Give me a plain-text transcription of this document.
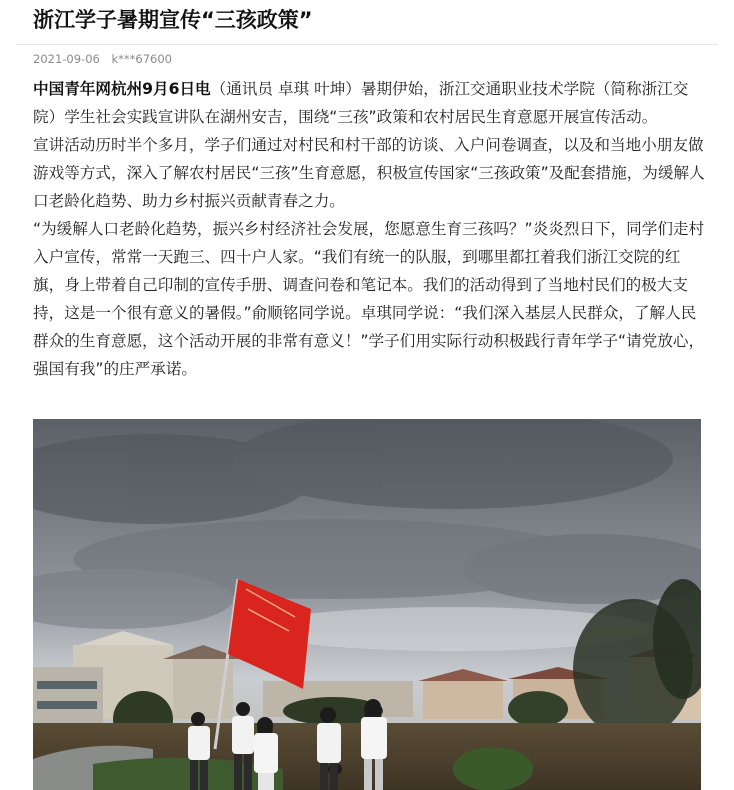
浙江学子暑期宣传“三孩政策”
2021-09-06 k***67600

中国青年网杭州9月6日电（通讯员 卓琪 叶坤）暑期伊始，浙江交通职业技术学院（简称浙江交院）学生社会实践宣讲队在湖州安吉，围绕“三孩”政策和农村居民生育意愿开展宣传活动。

宣讲活动历时半个多月，学子们通过对村民和村干部的访谈、入户问卷调查，以及和当地小朋友做游戏等方式，深入了解农村居民“三孩”生育意愿，积极宣传国家“三孩政策”及配套措施，为缓解人口老龄化趋势、助力乡村振兴贡献青春之力。

“为缓解人口老龄化趋势，振兴乡村经济社会发展，您愿意生育三孩吗？”炎炎烈日下，同学们走村入户宣传，常常一天跑三、四十户人家。“我们有统一的队服，到哪里都扛着我们浙江交院的红旗，身上带着自己印制的宣传手册、调查问卷和笔记本。我们的活动得到了当地村民们的极大支持，这是一个很有意义的暑假。”俞顺铭同学说。卓琪同学说：“我们深入基层人民群众，了解人民群众的生育意愿，这个活动开展的非常有意义！”学子们用实际行动积极践行青年学子“请党放心，强国有我”的庄严承诺。
